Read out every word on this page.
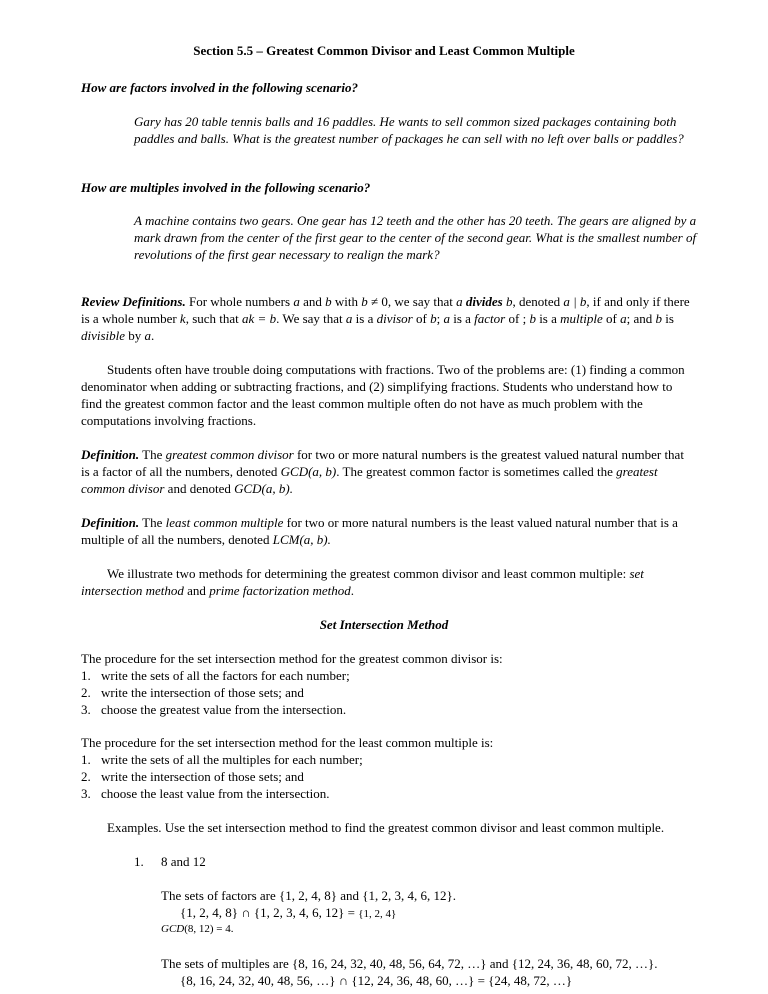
Section 5.5 – Greatest Common Divisor and Least Common Multiple

How are factors involved in the following scenario?

Gary has 20 table tennis balls and 16 paddles. He wants to sell common sized packages containing both paddles and balls. What is the greatest number of packages he can sell with no left over balls or paddles?

How are multiples involved in the following scenario?

A machine contains two gears. One gear has 12 teeth and the other has 20 teeth. The gears are aligned by a mark drawn from the center of the first gear to the center of the second gear. What is the smallest number of revolutions of the first gear necessary to realign the mark?

Review Definitions. For whole numbers a and b with b ≠ 0, we say that a divides b, denoted a | b, if and only if there is a whole number k, such that ak = b. We say that a is a divisor of b; a is a factor of ; b is a multiple of a; and b is divisible by a.

Students often have trouble doing computations with fractions. Two of the problems are: (1) finding a common denominator when adding or subtracting fractions, and (2) simplifying fractions. Students who understand how to find the greatest common factor and the least common multiple often do not have as much problem with the computations involving fractions.

Definition. The greatest common divisor for two or more natural numbers is the greatest valued natural number that is a factor of all the numbers, denoted GCD(a, b). The greatest common factor is sometimes called the greatest common divisor and denoted GCD(a, b).

Definition. The least common multiple for two or more natural numbers is the least valued natural number that is a multiple of all the numbers, denoted LCM(a, b).

We illustrate two methods for determining the greatest common divisor and least common multiple: set intersection method and prime factorization method.

Set Intersection Method

The procedure for the set intersection method for the greatest common divisor is:
1. write the sets of all the factors for each number;
2. write the intersection of those sets; and
3. choose the greatest value from the intersection.
The procedure for the set intersection method for the least common multiple is:
1. write the sets of all the multiples for each number;
2. write the intersection of those sets; and
3. choose the least value from the intersection.

Examples. Use the set intersection method to find the greatest common divisor and least common multiple.

1. 8 and 12

The sets of factors are {1, 2, 4, 8} and {1, 2, 3, 4, 6, 12}.

{1, 2, 4, 8} ∩ {1, 2, 3, 4, 6, 12} = {1, 2, 4}

GCD(8, 12) = 4.

The sets of multiples are {8, 16, 24, 32, 40, 48, 56, 64, 72, …} and {12, 24, 36, 48, 60, 72, …}.

{8, 16, 24, 32, 40, 48, 56, …} ∩ {12, 24, 36, 48, 60, …} = {24, 48, 72, …}
